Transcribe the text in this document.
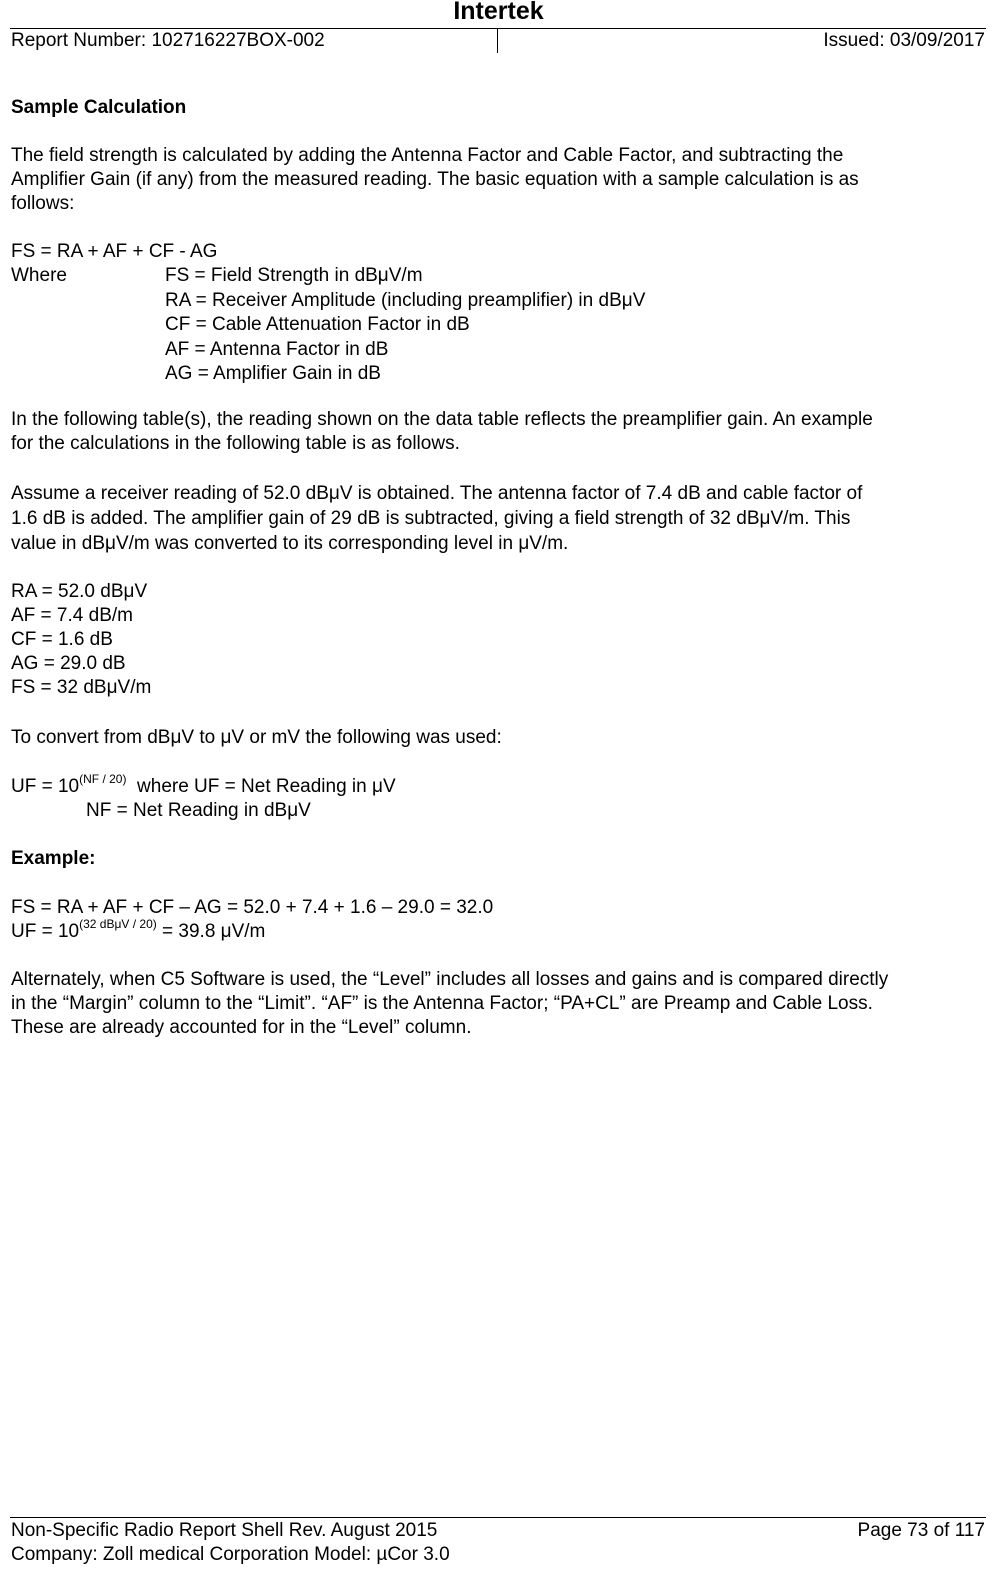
Intertek
Report Number: 102716227BOX-002	Issued: 03/09/2017
Sample Calculation
The field strength is calculated by adding the Antenna Factor and Cable Factor, and subtracting the
Amplifier Gain (if any) from the measured reading. The basic equation with a sample calculation is as
follows:
FS = RA + AF + CF - AG
Where	FS = Field Strength in dBμV/m
RA = Receiver Amplitude (including preamplifier) in dBμV
CF = Cable Attenuation Factor in dB
AF = Antenna Factor in dB
AG = Amplifier Gain in dB
In the following table(s), the reading shown on the data table reflects the preamplifier gain. An example
for the calculations in the following table is as follows.
Assume a receiver reading of 52.0 dBμV is obtained. The antenna factor of 7.4 dB and cable factor of
1.6 dB is added. The amplifier gain of 29 dB is subtracted, giving a field strength of 32 dBμV/m. This
value in dBμV/m was converted to its corresponding level in μV/m.
RA = 52.0 dBμV
AF = 7.4 dB/m
CF = 1.6 dB
AG = 29.0 dB
FS = 32 dBμV/m
To convert from dBμV to μV or mV the following was used:
UF = $10^{(NF / 20)}$  where UF = Net Reading in μV
NF = Net Reading in dBμV
Example:
FS = RA + AF + CF – AG = 52.0 + 7.4 + 1.6 – 29.0 = 32.0
UF = $10^{(32 dB\mu V / 20)} = 39.8$ μV/m
Alternately, when C5 Software is used, the “Level” includes all losses and gains and is compared directly
in the “Margin” column to the “Limit”. “AF” is the Antenna Factor; “PA+CL” are Preamp and Cable Loss.
These are already accounted for in the “Level” column.
Non-Specific Radio Report Shell Rev. August 2015	Page 73 of 117
Company: Zoll medical Corporation Model: µCor 3.0
